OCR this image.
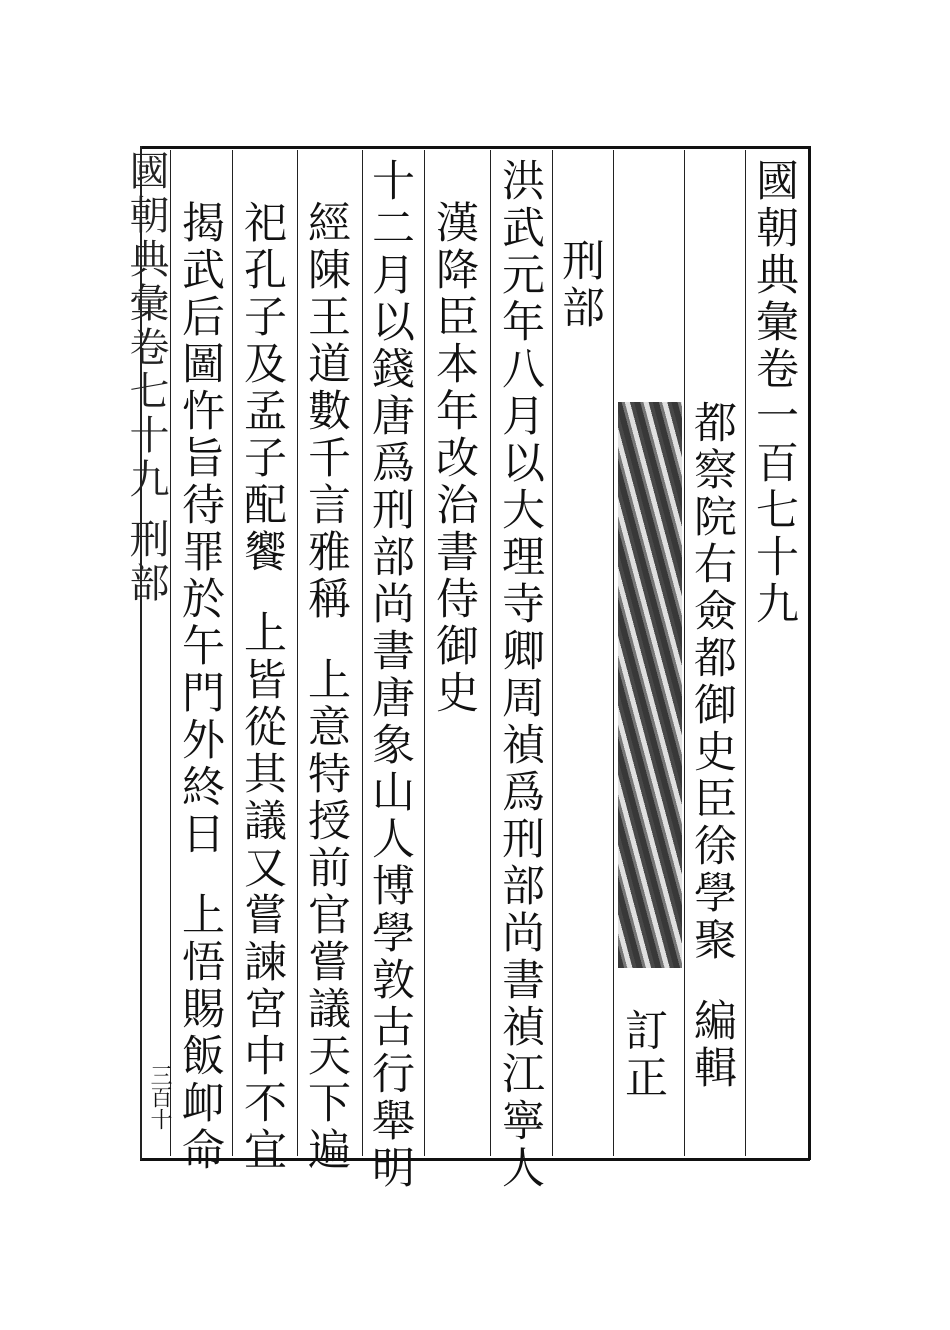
國朝典彙卷一百七十九
都察院右僉都御史臣徐學聚編輯
訂正
刑部
洪武元年八月以大理寺卿周禎爲刑部尚書禎江寧人
漢降臣本年改治書侍御史
十二月以錢唐爲刑部尚書唐象山人博學敦古行舉明
經陳王道數千言雅稱上意特授前官嘗議天下遍
祀孔子及孟子配饗上皆從其議又嘗諫宮中不宜
揭武后圖忤旨待罪於午門外終日上悟賜飯卹命
國朝典彙卷七十九刑部
三百十
